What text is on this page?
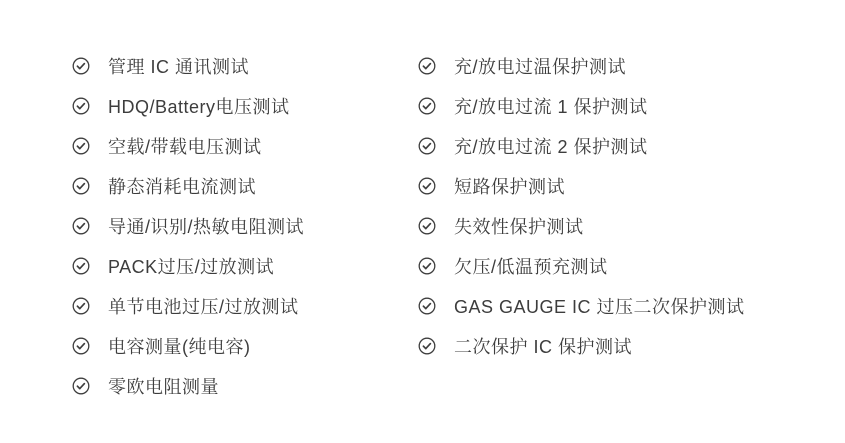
管理 IC 通讯测试
HDQ/Battery电压测试
空载/带载电压测试
静态消耗电流测试
导通/识别/热敏电阻测试
PACK过压/过放测试
单节电池过压/过放测试
电容测量(纯电容)
零欧电阻测量
充/放电过温保护测试
充/放电过流 1 保护测试
充/放电过流 2 保护测试
短路保护测试
失效性保护测试
欠压/低温预充测试
GAS GAUGE IC 过压二次保护测试
二次保护 IC 保护测试
